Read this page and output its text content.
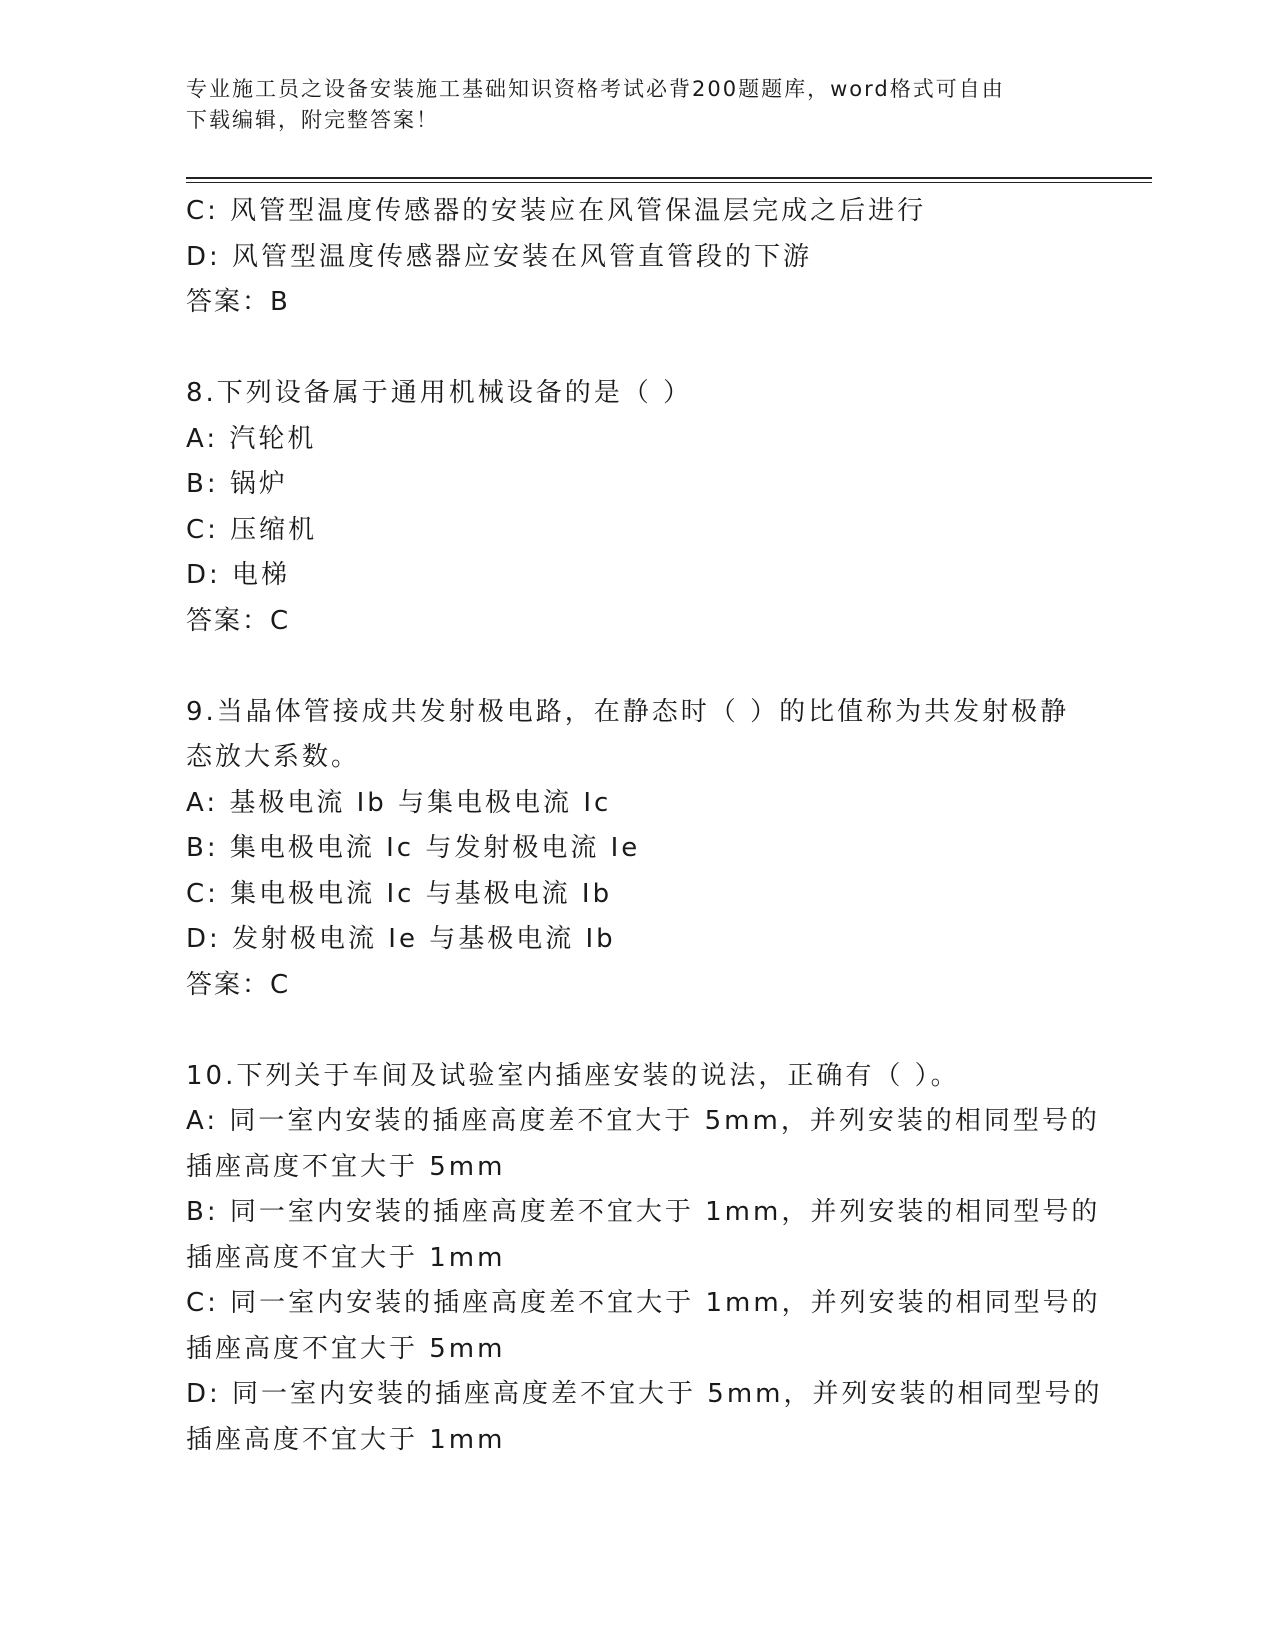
专业施工员之设备安装施工基础知识资格考试必背200题题库，word格式可自由
下载编辑，附完整答案！
C: 风管型温度传感器的安装应在风管保温层完成之后进行
D: 风管型温度传感器应安装在风管直管段的下游
答案：B
8.下列设备属于通用机械设备的是（ ）
A: 汽轮机
B: 锅炉
C: 压缩机
D: 电梯
答案：C
9.当晶体管接成共发射极电路，在静态时（ ）的比值称为共发射极静
态放大系数。
A: 基极电流 Ib 与集电极电流 Ic
B: 集电极电流 Ic 与发射极电流 Ie
C: 集电极电流 Ic 与基极电流 Ib
D: 发射极电流 Ie 与基极电流 Ib
答案：C
10.下列关于车间及试验室内插座安装的说法，正确有（ ）。
A: 同一室内安装的插座高度差不宜大于 5mm，并列安装的相同型号的
插座高度不宜大于 5mm
B: 同一室内安装的插座高度差不宜大于 1mm，并列安装的相同型号的
插座高度不宜大于 1mm
C: 同一室内安装的插座高度差不宜大于 1mm，并列安装的相同型号的
插座高度不宜大于 5mm
D: 同一室内安装的插座高度差不宜大于 5mm，并列安装的相同型号的
插座高度不宜大于 1mm
